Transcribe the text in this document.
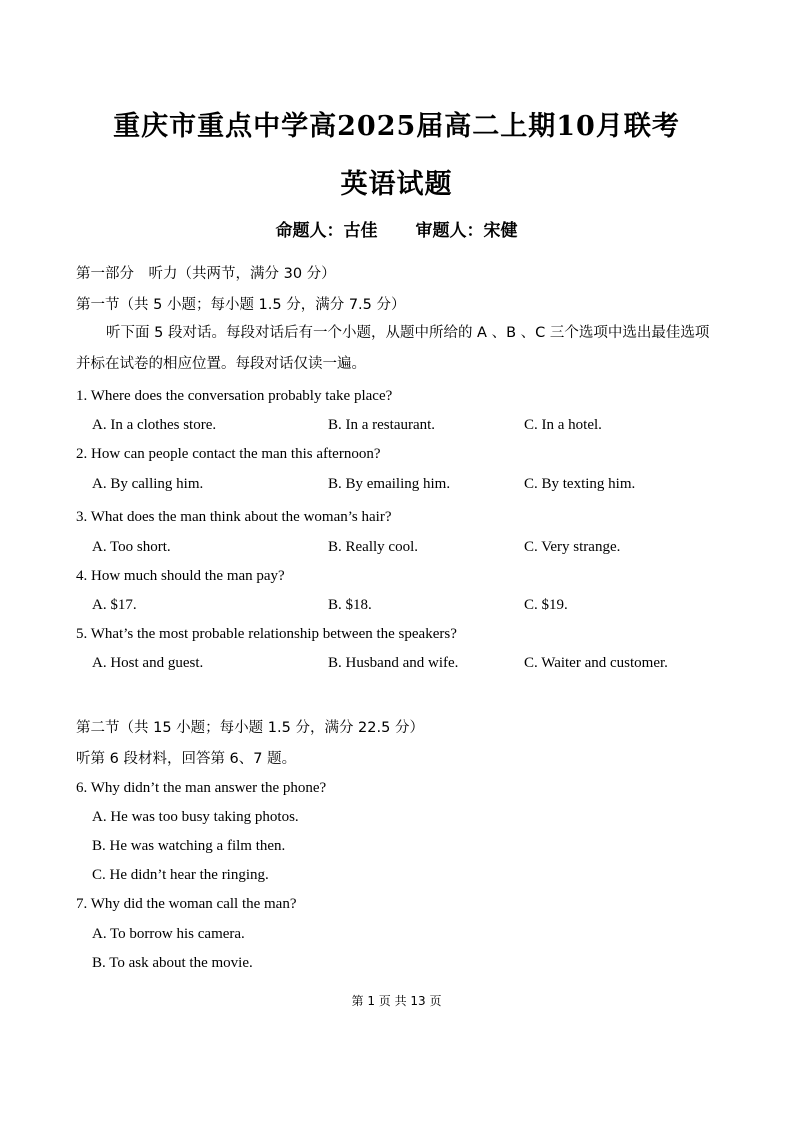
重庆市重点中学高2025届高二上期10月联考
英语试题
命题人：古佳 审题人：宋健
第一部分　听力（共两节，满分 30 分）
第一节（共 5 小题；每小题 1.5 分，满分 7.5 分）
听下面 5 段对话。每段对话后有一个小题，从题中所给的 A 、B 、C 三个选项中选出最佳选项并标在试卷的相应位置。每段对话仅读一遍。
1. Where does the conversation probably take place?
A. In a clothes store.	B. In a restaurant.	C. In a hotel.
2. How can people contact the man this afternoon?
A. By calling him.	B. By emailing him.	C. By texting him.
3. What does the man think about the woman’s hair?
A. Too short.	B. Really cool.	C. Very strange.
4. How much should the man pay?
A. $17.	B. $18.	C. $19.
5. What’s the most probable relationship between the speakers?
A. Host and guest.	B. Husband and wife.	C. Waiter and customer.
第二节（共 15 小题；每小题 1.5 分，满分 22.5 分）
听第 6 段材料，回答第 6、7 题。
6. Why didn’t the man answer the phone?
A. He was too busy taking photos.
B. He was watching a film then.
C. He didn’t hear the ringing.
7. Why did the woman call the man?
A. To borrow his camera.
B. To ask about the movie.
第 1 页 共 13 页
